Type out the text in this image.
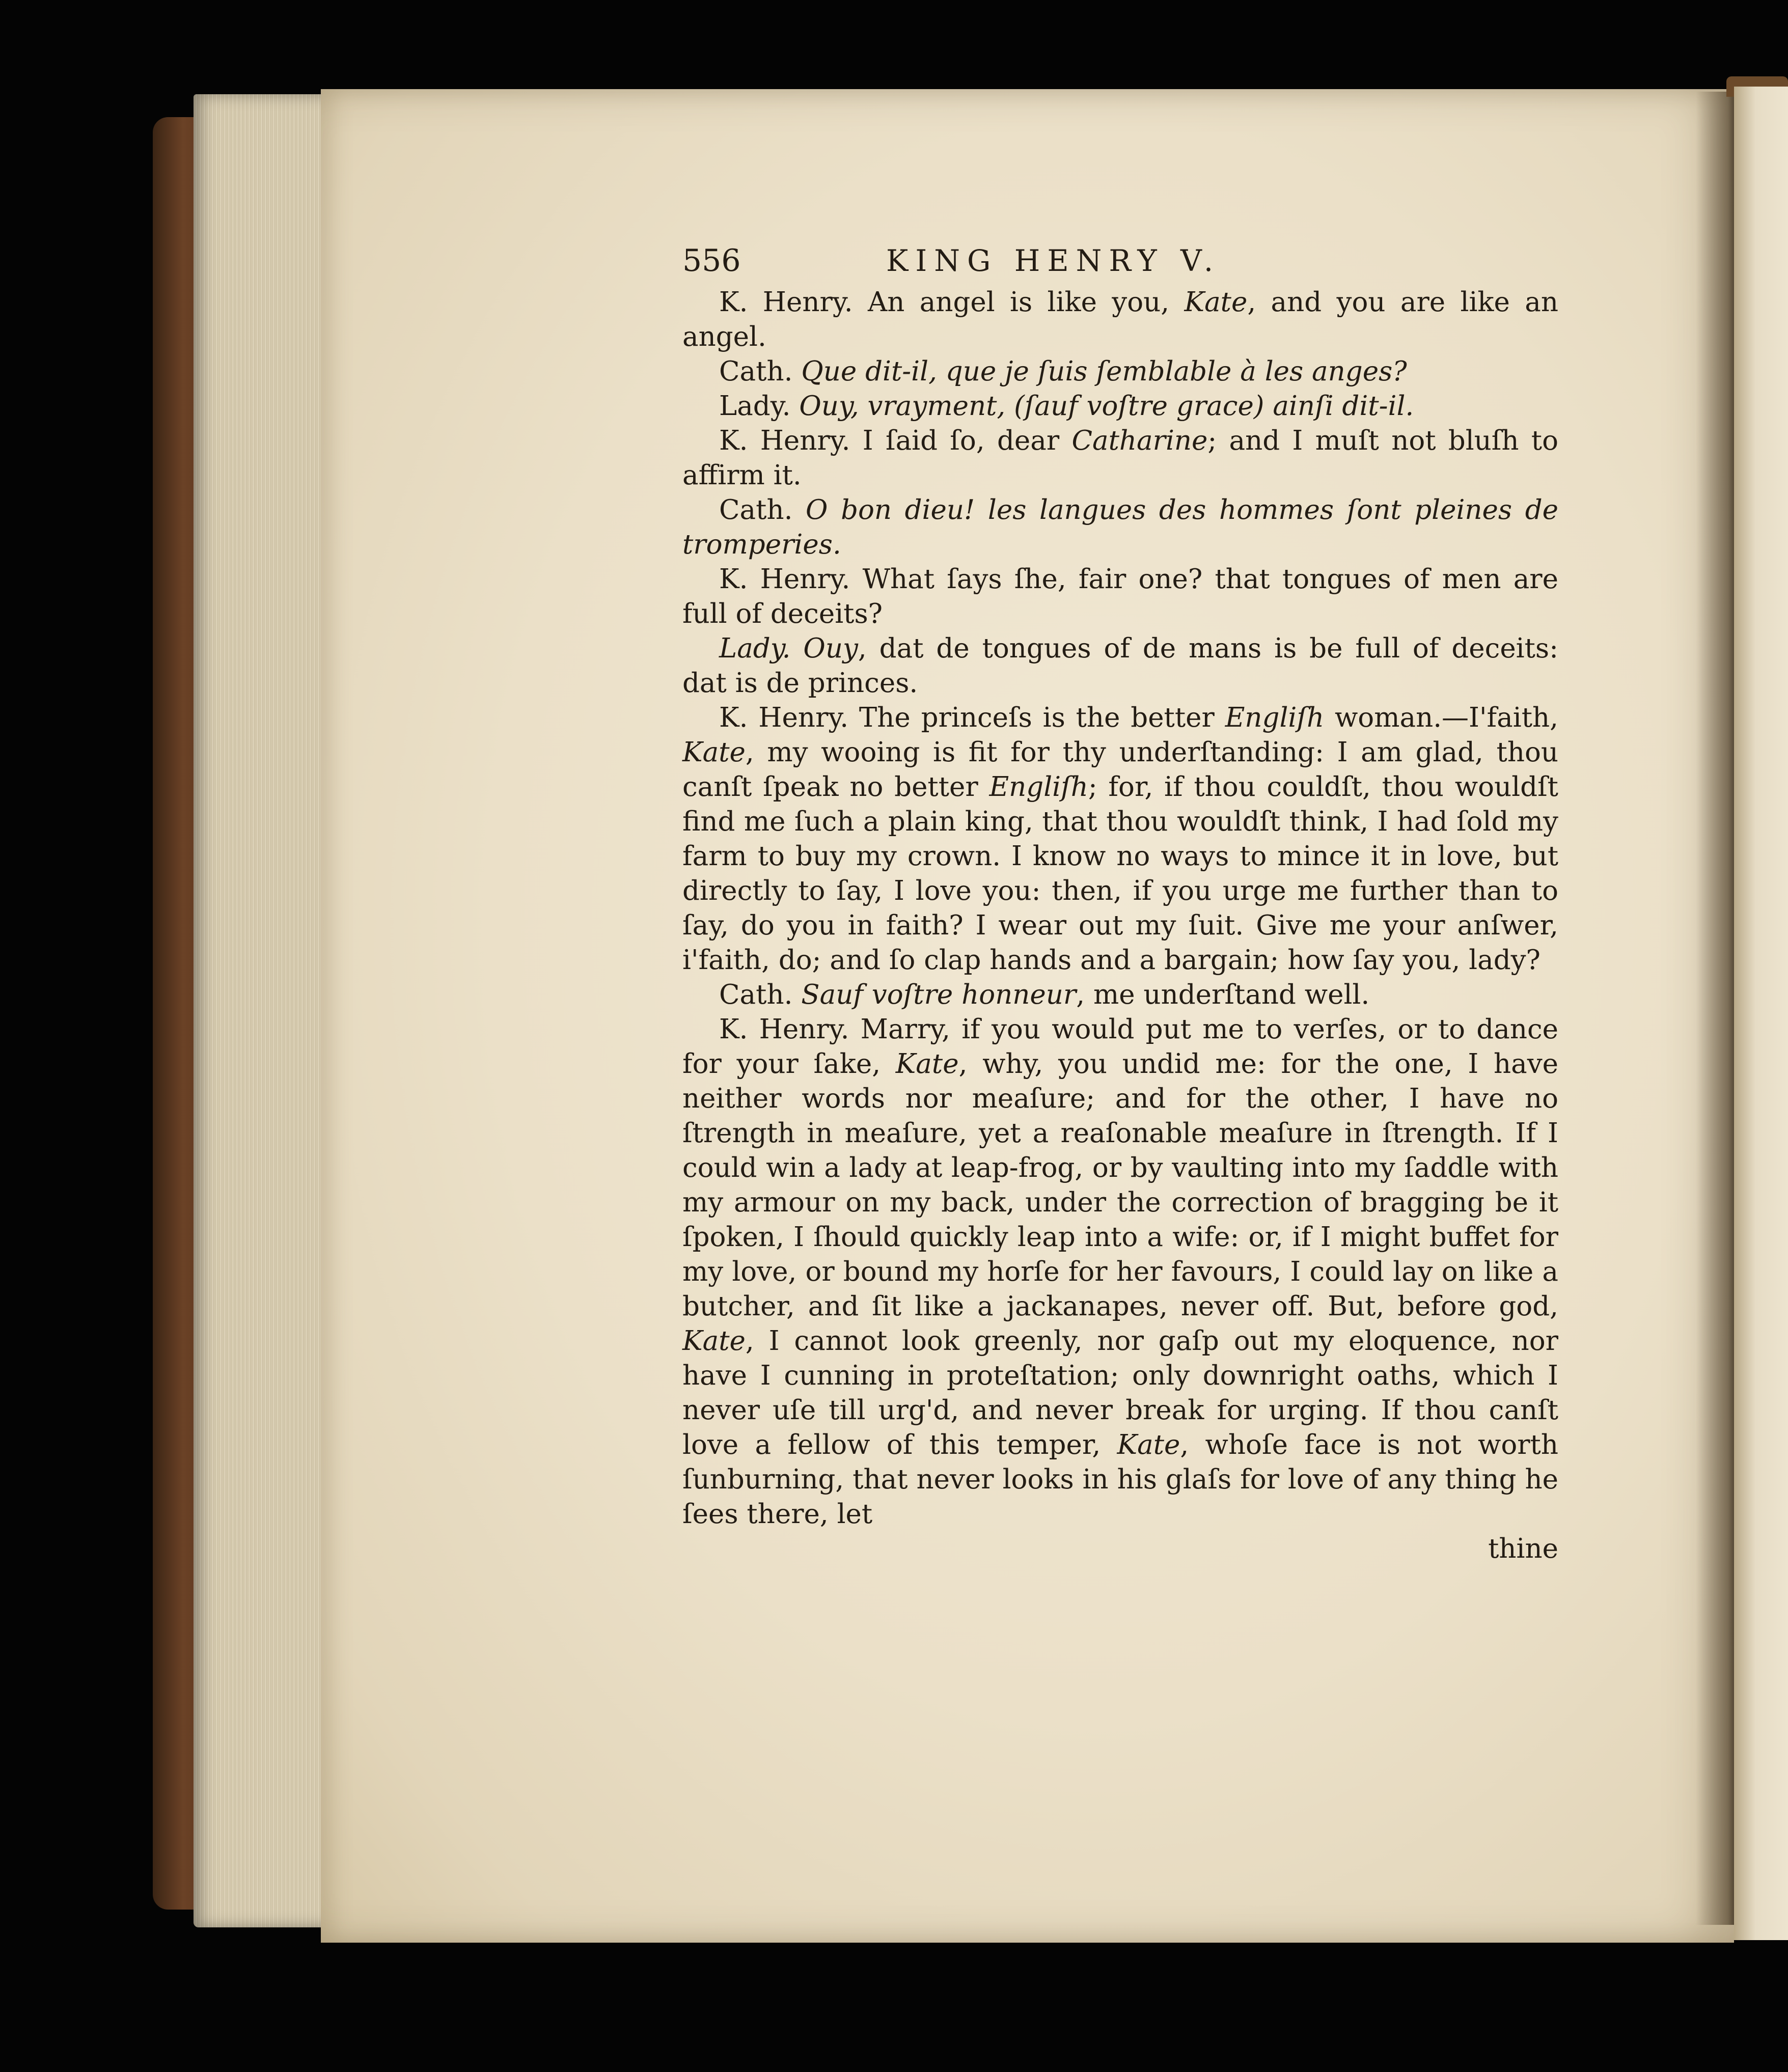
556	KING HENRY V.

K. Henry. An angel is like you, Kate, and you are like an angel.

Cath. Que dit-il, que je ſuis ſemblable à les anges?

Lady. Ouy, vrayment, (ſauf voſtre grace) ainſi dit-il.

K. Henry. I ſaid ſo, dear Catharine; and I muſt not bluſh to affirm it.

Cath. O bon dieu! les langues des hommes ſont pleines de tromperies.

K. Henry. What ſays ſhe, fair one? that tongues of men are full of deceits?

Lady. Ouy, dat de tongues of de mans is be full of deceits: dat is de princes.

K. Henry. The princeſs is the better Engliſh woman.—I'faith, Kate, my wooing is fit for thy underſtanding: I am glad, thou canſt ſpeak no better Engliſh; for, if thou couldſt, thou wouldſt find me ſuch a plain king, that thou wouldſt think, I had ſold my farm to buy my crown. I know no ways to mince it in love, but directly to ſay, I love you: then, if you urge me further than to ſay, do you in faith? I wear out my ſuit. Give me your anſwer, i'faith, do; and ſo clap hands and a bargain; how ſay you, lady?

Cath. Sauf voſtre honneur, me underſtand well.

K. Henry. Marry, if you would put me to verſes, or to dance for your ſake, Kate, why, you undid me: for the one, I have neither words nor meaſure; and for the other, I have no ſtrength in meaſure, yet a reaſonable meaſure in ſtrength. If I could win a lady at leap-frog, or by vaulting into my ſaddle with my armour on my back, under the correction of bragging be it ſpoken, I ſhould quickly leap into a wife: or, if I might buffet for my love, or bound my horſe for her favours, I could lay on like a butcher, and ſit like a jackanapes, never off. But, before god, Kate, I cannot look greenly, nor gaſp out my eloquence, nor have I cunning in proteſtation; only downright oaths, which I never uſe till urg'd, and never break for urging. If thou canſt love a fellow of this temper, Kate, whoſe face is not worth ſunburning, that never looks in his glaſs for love of any thing he ſees there, let

thine
